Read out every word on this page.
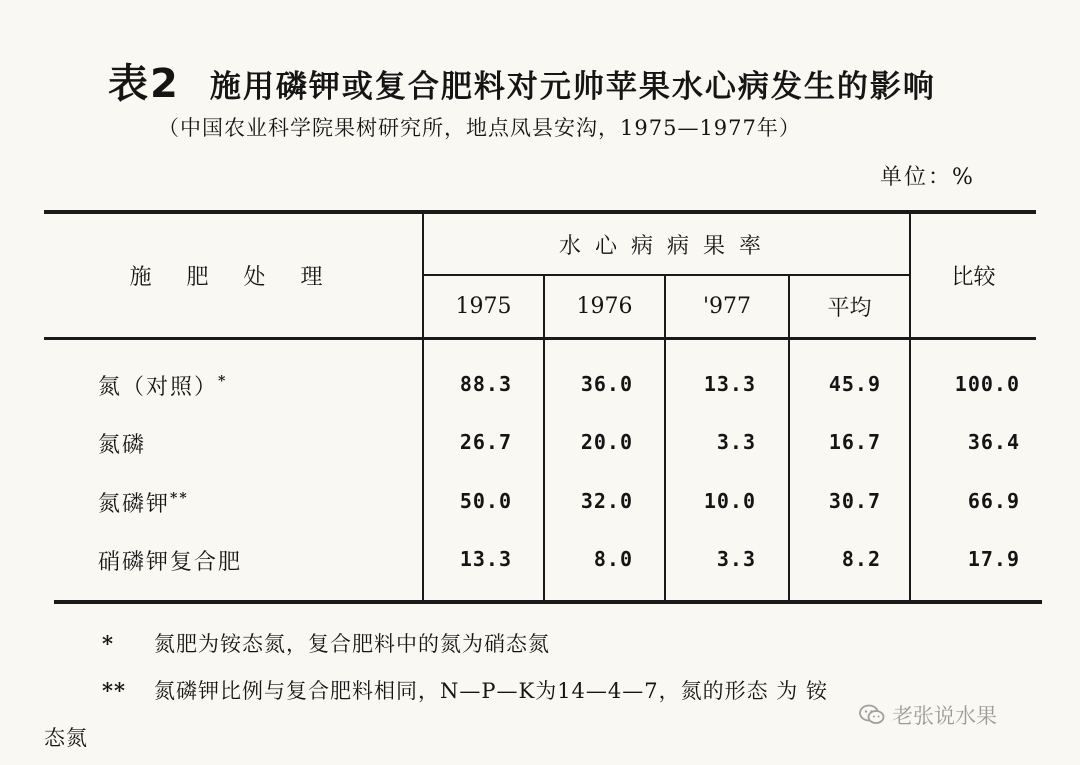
表2 施用磷钾或复合肥料对元帅苹果水心病发生的影响
（中国农业科学院果树研究所，地点凤县安沟，1975—1977年）
单位：%
施 肥 处 理
水心病病果率
比较
1975	1976	'977	平均
氮（对照）*	88.3	36.0	13.3	45.9	100.0
氮磷	26.7	20.0	3.3	16.7	36.4
氮磷钾**	50.0	32.0	10.0	30.7	66.9
硝磷钾复合肥	13.3	8.0	3.3	8.2	17.9
* 氮肥为铵态氮，复合肥料中的氮为硝态氮
** 氮磷钾比例与复合肥料相同，N—P—K为14—4—7，氮的形态 为 铵
态氮
老张说水果
